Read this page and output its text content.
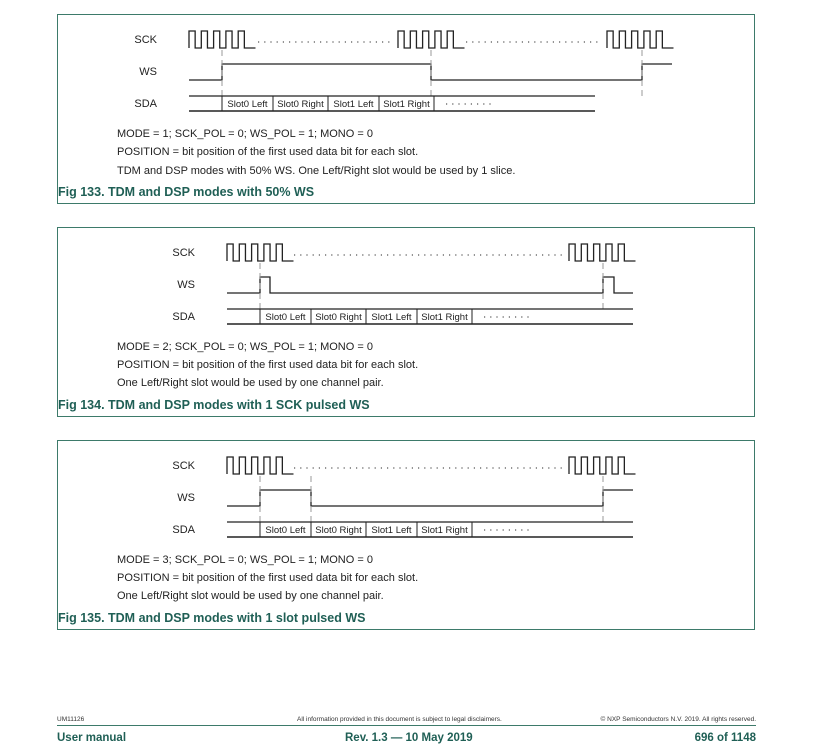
SCK
WS
SDA	Slot0 Left Slot0 Right Slot1 Left Slot1 Right
MODE = 1; SCK_POL = 0; WS_POL = 1; MONO = 0
POSITION = bit position of the first used data bit for each slot.
TDM and DSP modes with 50% WS. One Left/Right slot would be used by 1 slice.
Fig 133. TDM and DSP modes with 50% WS
SCK
WS
SDA	Slot0 Left Slot0 Right Slot1 Left Slot1 Right
MODE = 2; SCK_POL = 0; WS_POL = 1; MONO = 0
POSITION = bit position of the first used data bit for each slot.
One Left/Right slot would be used by one channel pair.
Fig 134. TDM and DSP modes with 1 SCK pulsed WS
SCK
WS
SDA	Slot0 Left Slot0 Right Slot1 Left Slot1 Right
MODE = 3; SCK_POL = 0; WS_POL = 1; MONO = 0
POSITION = bit position of the first used data bit for each slot.
One Left/Right slot would be used by one channel pair.
Fig 135. TDM and DSP modes with 1 slot pulsed WS
UM11126	All information provided in this document is subject to legal disclaimers.	© NXP Semiconductors N.V. 2019. All rights reserved.
User manual	Rev. 1.3 — 10 May 2019	696 of 1148
